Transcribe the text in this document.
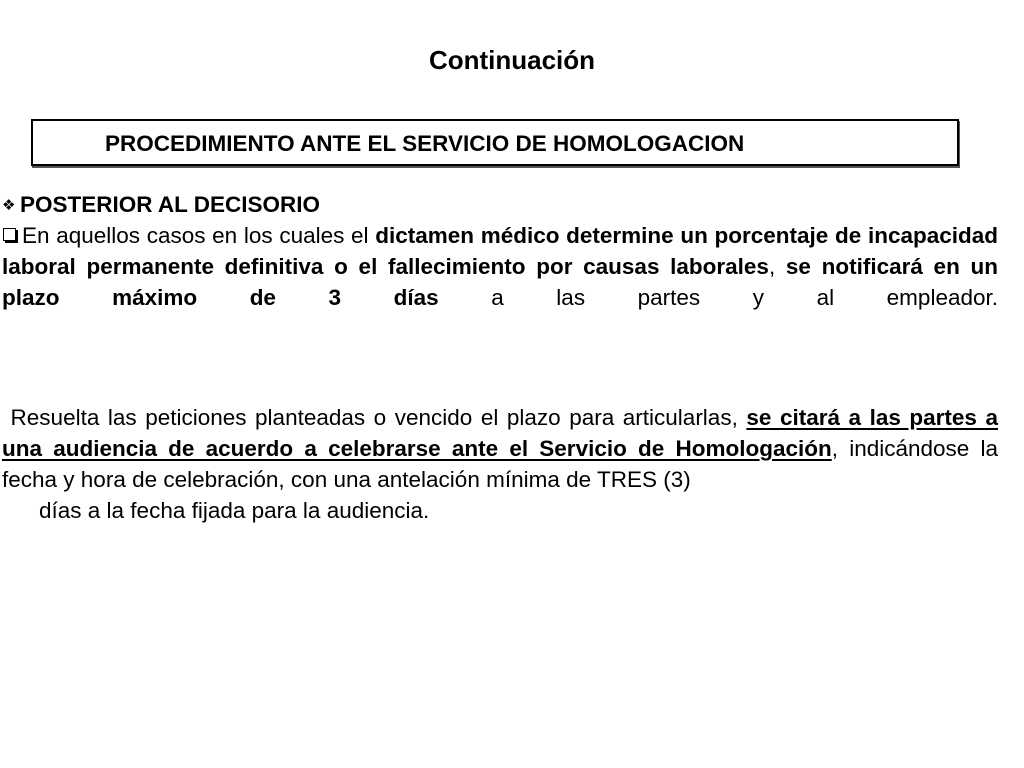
Continuación
PROCEDIMIENTO ANTE EL SERVICIO DE HOMOLOGACION
❖ POSTERIOR AL DECISORIO
En aquellos casos en los cuales el dictamen médico determine un porcentaje de incapacidad laboral permanente definitiva o el fallecimiento por causas laborales, se notificará en un plazo máximo de 3 días a las partes y al empleador.
Resuelta las peticiones planteadas o vencido el plazo para articularlas, se citará a las partes a una audiencia de acuerdo a celebrarse ante el Servicio de Homologación, indicándose la fecha y hora de celebración, con una antelación mínima de TRES (3)
días a la fecha fijada para la audiencia.
